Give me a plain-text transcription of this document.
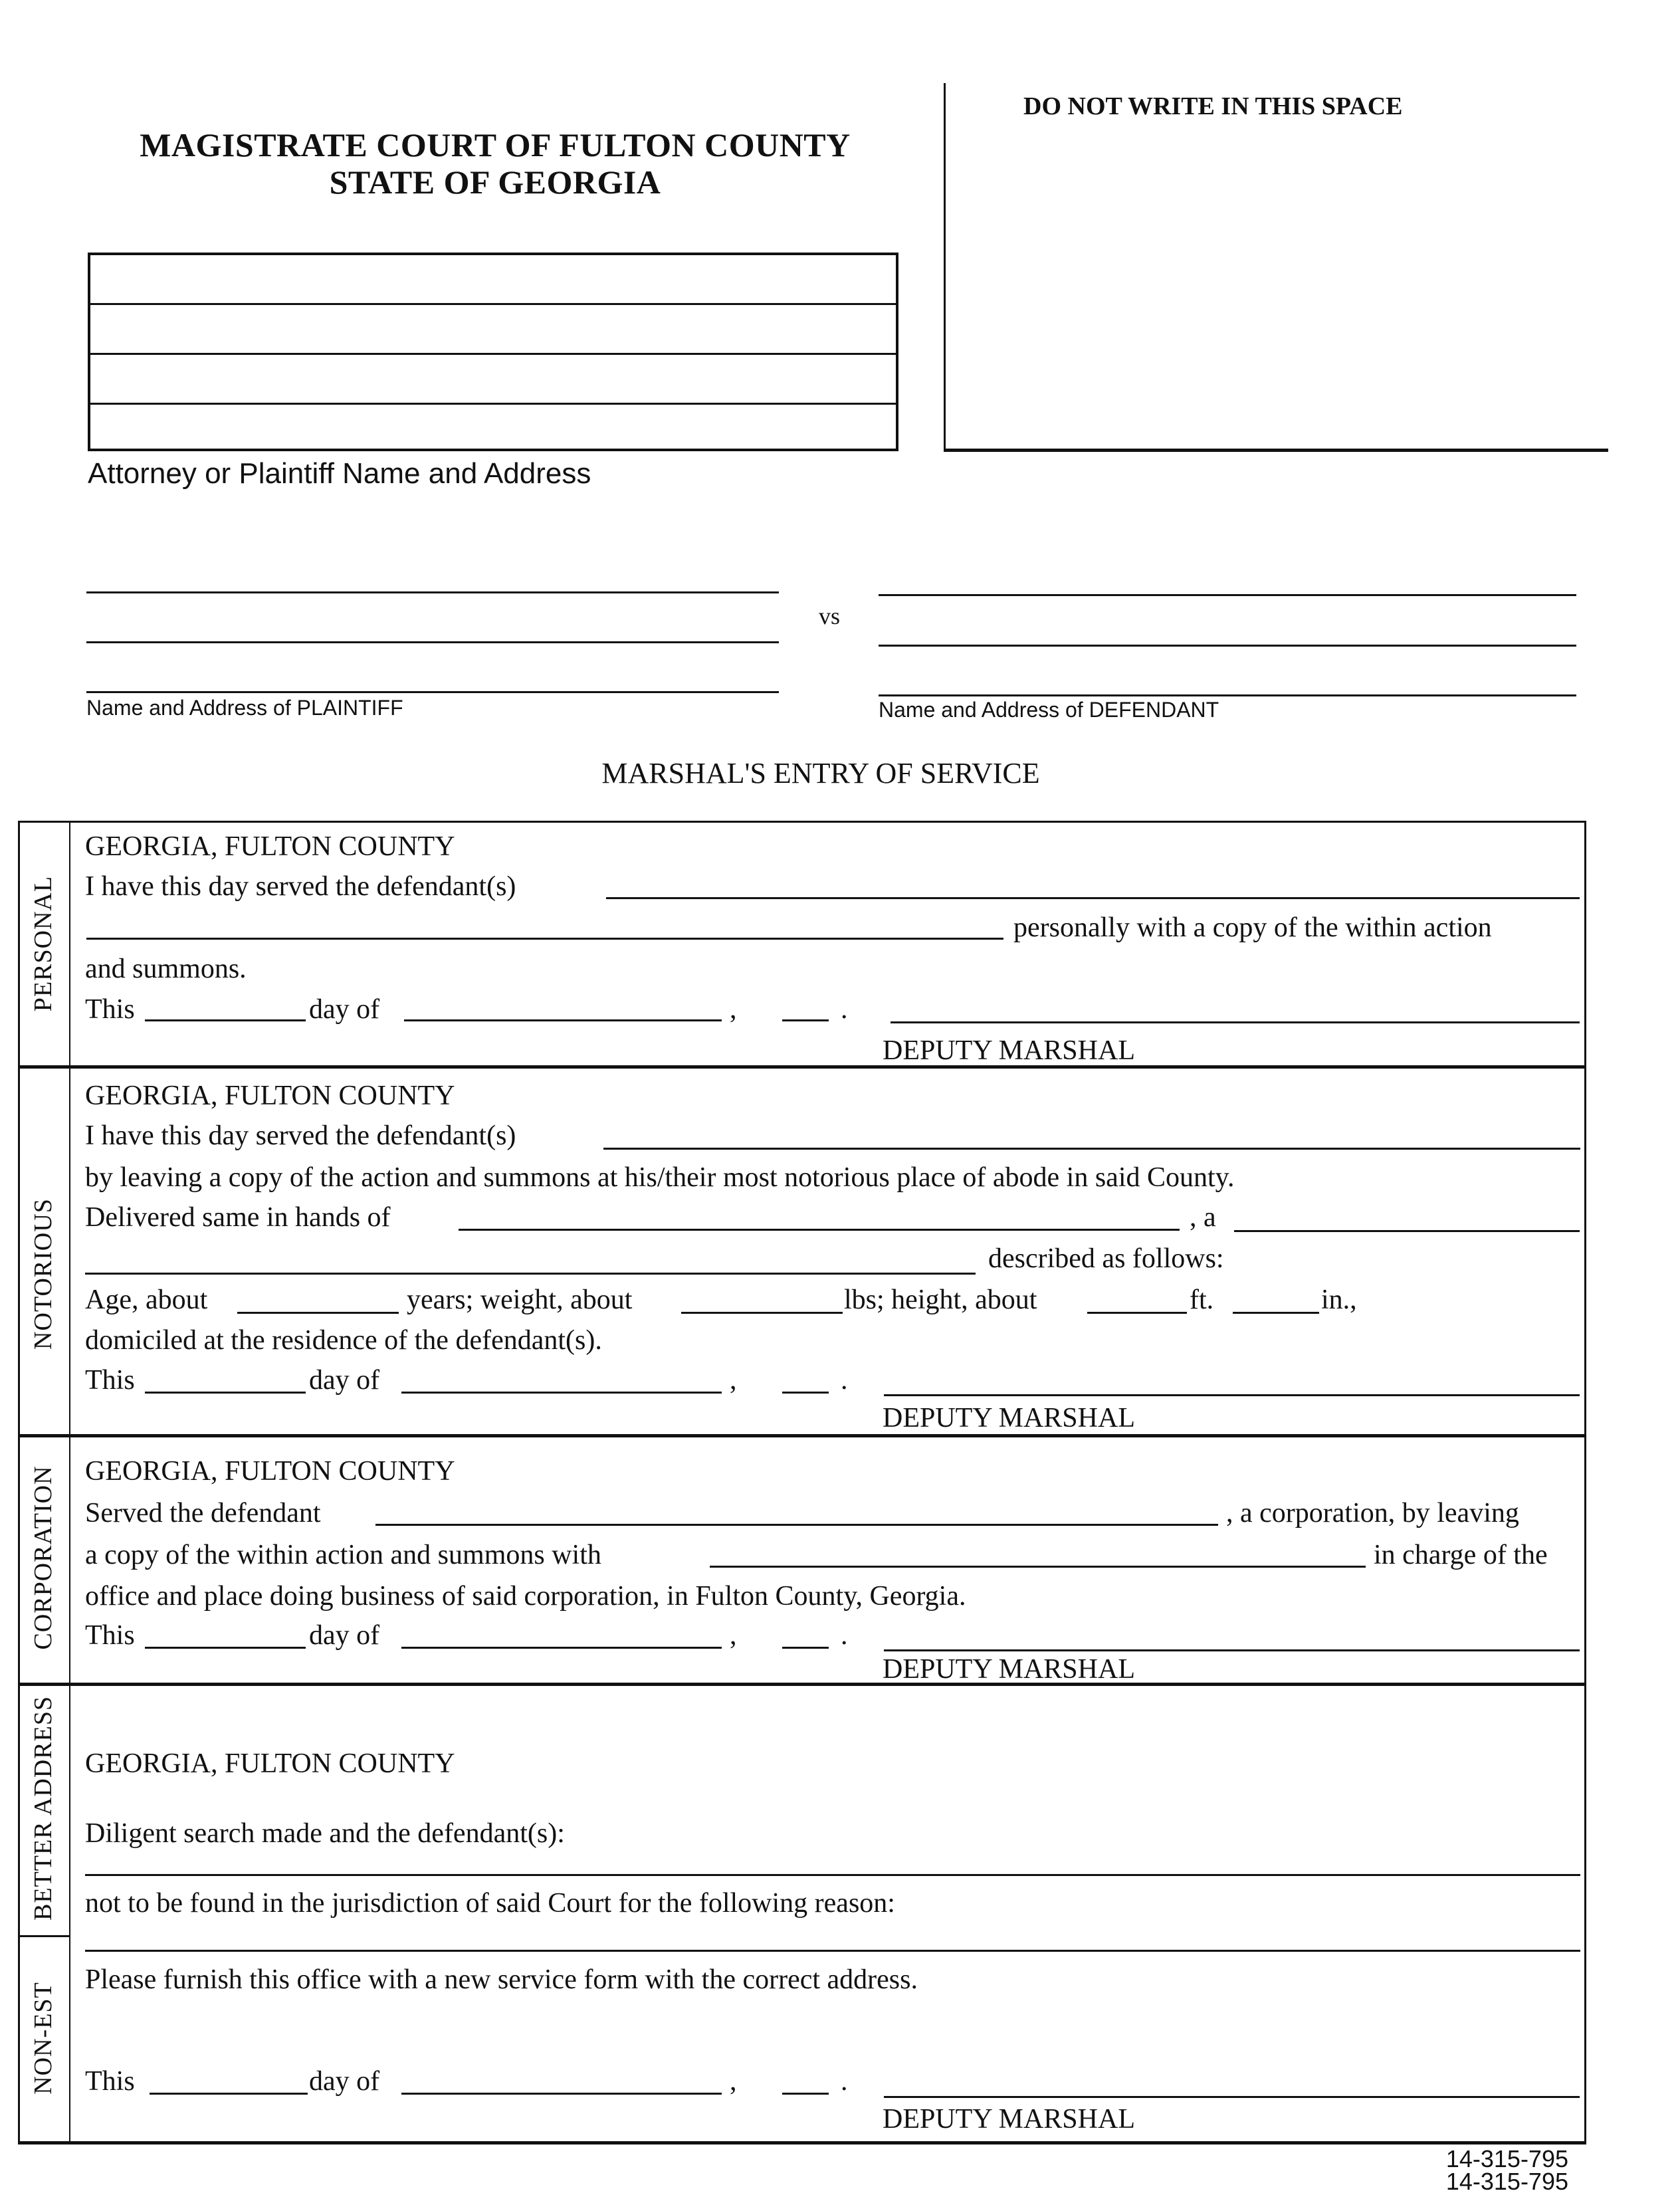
MAGISTRATE COURT OF FULTON COUNTY
STATE OF GEORGIA
DO NOT WRITE IN THIS SPACE
Attorney or Plaintiff Name and Address
Name and Address of PLAINTIFF
vs
Name and Address of DEFENDANT
MARSHAL'S ENTRY OF SERVICE
PERSONAL
GEORGIA, FULTON COUNTY
I have this day served the defendant(s)
personally with a copy of the within action
and summons.
This	day of	,	.
DEPUTY MARSHAL
NOTORIOUS
GEORGIA, FULTON COUNTY
I have this day served the defendant(s)
by leaving a copy of the action and summons at his/their most notorious place of abode in said County.
Delivered same in hands of	, a
described as follows:
Age, about	years; weight, about	lbs; height, about	ft.	in.,
domiciled at the residence of the defendant(s).
This	day of	,	.
DEPUTY MARSHAL
CORPORATION GEORGIA, FULTON COUNTY
Served the defendant	, a corporation, by leaving
a copy of the within action and summons with	in charge of the
office and place doing business of said corporation, in Fulton County, Georgia.
This	day of	,	.
DEPUTY MARSHAL
BETTER ADDRESS GEORGIA, FULTON COUNTY
Diligent search made and the defendant(s):
not to be found in the jurisdiction of said Court for the following reason:
NON-EST
Please furnish this office with a new service form with the correct address.
This	day of	,	.
DEPUTY MARSHAL
14-315-795
14-315-795
